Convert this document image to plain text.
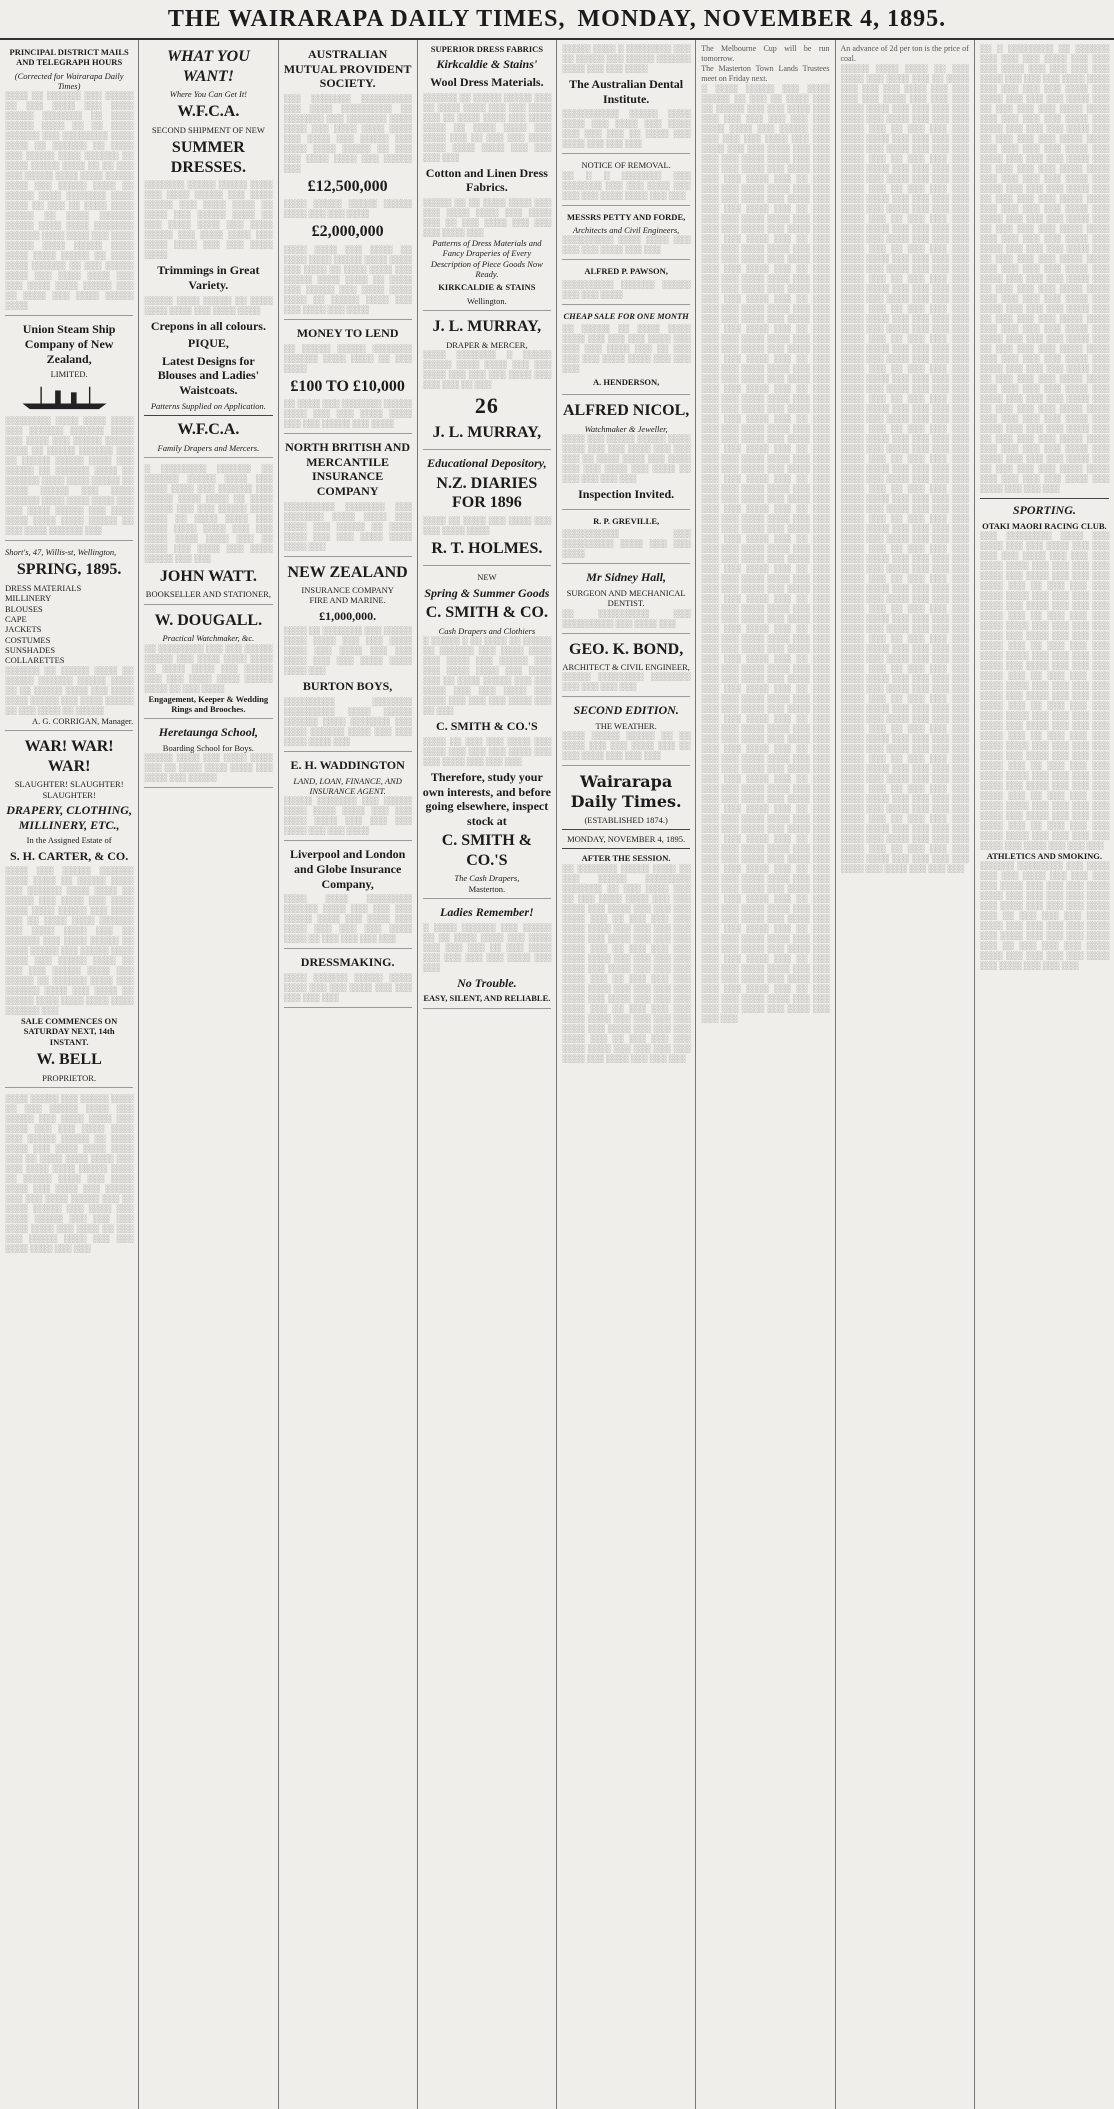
THE WAIRARAPA DAILY TIMES, MONDAY, NOVEMBER 4, 1895.
PRINCIPAL DISTRICT MAILS AND TELEGRAPH HOURS
(Corrected for Wairarapa Daily Times)
░░░░ ░░ ░░░░░░ ░░░ ░░░░░ ░░ ░░░ ░░░░ ░░░ ░░░░ ░░░░░ ░░░░░░░ ░░ ░░░░ ░░░░░ ░░░░ ░░ ░░ ░░░░ ░░░░░░ ░░░ ░░░░░░░░ ░░░░ ░░░░ ░░ ░░░░░░ ░░ ░░░░ ░░░ ░░░░░ ░░░░ ░░░░░░ ░░ ░░░░ ░░░░░ ░░░░ ░░ ░░ ░░░ ░░░ ░░░░░ ░░░░ ░░░░ ░░░░░ ░░░░ ░░░ ░░░░░ ░░░░ ░░ ░░░░░ ░░░░ ░░░░░░░ ░░░░ ░░░░ ░░ ░░░ ░░ ░░░░ ░░░░ ░░░░░ ░░ ░░░░ ░░░░░░ ░░░░░ ░░░░ ░░░░ ░░░░░░░ ░░░░░░ ░░░░ ░░░░ ░░░ ░░░░ ░░░░░ ░░░░ ░░░░░ ░░░░ ░░░░ ░░░░ ░░░░░ ░░ ░░░░ ░░░░ ░░░░░░ ░░ ░░░ ░░░░░ ░░░░ ░░░ ░░░░ ░░░░ ░░░ ░░░ ░░░░ ░░░░ ░░░░░ ░░░ ░░ ░░░░ ░░░ ░░░░ ░░░░░ ░░░░
Union Steam Ship Company of New Zealand,
LIMITED.
░░░░░░░░ ░░░░ ░░░░ ░░░░ ░░░ ░░░░░░ ░░░░░░ ░░░░ ░░░ ░░░░ ░░░ ░░░░░ ░░░░░ ░░░░ ░░ ░░░░░ ░░░░░░ ░░░ ░░ ░░░░░ ░░░░░ ░░░░ ░░░ ░░░░░ ░░ ░░░░░░ ░░░░ ░░ ░░░░░░ ░░░░ ░░░░ ░░░░░ ░░ ░░░░ ░░░░░ ░░░ ░░░░ ░░░░░░ ░░░░ ░░░░ ░░░░ ░░░ ░░░ ░░░░ ░░░░░ ░░░ ░░░░ ░░░░ ░░░░ ░░░░ ░░░░░ ░░ ░░░ ░░░░ ░░░░░░ ░░░
Short's, 47, Willis-st, Wellington,
SPRING, 1895.
DRESS MATERIALS
MILLINERY
BLOUSES
CAPE
JACKETS
COSTUMES
SUNSHADES
COLLARETTES
░░░░░░ ░░ ░░░░░ ░░░░ ░░ ░░░░░ ░░░░░░ ░░░░░ ░░░░ ░░ ░░ ░░░░░ ░░░░ ░░░ ░░░░ ░░░░ ░░░░░ ░░░ ░░░░ ░░░░░ ░░ ░░░ ░░░░ ░░ ░░░░░
A. G. CORRIGAN, Manager.
WAR! WAR! WAR!
SLAUGHTER! SLAUGHTER! SLAUGHTER!
DRAPERY, CLOTHING, MILLINERY, ETC.,
In the Assigned Estate of
S. H. CARTER, & CO.
░░░░ ░░░ ░░░░░ ░░░░░░ ░░░░ ░░░░ ░░ ░░░░░ ░░░░ ░░░ ░░░░░░ ░░░░ ░░░░ ░░ ░░░░░ ░░░ ░░░░ ░░░ ░░░░ ░░░░ ░░░░ ░░░░░ ░░░ ░░░░ ░░░ ░░ ░░░░ ░░░░ ░░░░░░ ░░░ ░░░░ ░░░░ ░░░ ░░ ░░░░░░ ░░░ ░░░░ ░░░░░ ░░ ░░░░ ░░░░░ ░░░ ░░░░░ ░░░░ ░░░░ ░░░ ░░░░░ ░░░░ ░░ ░░░ ░░░ ░░░░░ ░░░░ ░░░ ░░░░░ ░░ ░░░░░░ ░░░░ ░░░ ░░░░░░ ░░░░ ░░░ ░░░░ ░░ ░░░░░ ░░░░ ░░░░ ░░░░ ░░░░ ░░░░░░ ░░░
SALE COMMENCES ON SATURDAY NEXT, 14th INSTANT.
W. BELL
PROPRIETOR.
░░░░ ░░░░░ ░░░ ░░░░░ ░░░░ ░░ ░░░ ░░░░░ ░░░░ ░░░ ░░░░░ ░░░ ░░░░ ░░░░ ░░░ ░░░░ ░░░ ░░░ ░░░░ ░░░░ ░░░ ░░░░░ ░░░░░ ░░ ░░░░ ░░░░ ░░░ ░░░░ ░░░░ ░░░░ ░░░ ░░ ░░░░ ░░░░ ░░░░ ░░░ ░░░ ░░░░ ░░░░ ░░░░░ ░░░░ ░░ ░░░░░ ░░░░ ░░░ ░░░░ ░░░░ ░░░ ░░░░ ░░░ ░░░░░ ░░░ ░░░ ░░░░ ░░░░░ ░░░ ░░ ░░░░ ░░░░░ ░░░ ░░░░ ░░░ ░░░░ ░░░░░ ░░░ ░░░ ░░░ ░░░░ ░░░░ ░░░ ░░░░ ░░ ░░░ ░░░ ░░░░░ ░░░░ ░░░ ░░░ ░░░░ ░░░░ ░░░ ░░░
WHAT YOU WANT!
Where You Can Get It!
W.F.C.A.
SECOND SHIPMENT OF NEW
SUMMER DRESSES.
░░░░░░░ ░░░░░ ░░░░░ ░░░░ ░░░ ░░░░ ░░░░░ ░░░ ░░░░ ░░░░░ ░░░ ░░░░ ░░░░ ░░ ░░░░ ░░░ ░░░░░ ░░░░ ░░ ░░░ ░░░░ ░░░░ ░░░ ░░░░ ░░░░░ ░░░ ░░░░ ░░░░ ░░░ ░░░░ ░░░░ ░░░ ░░░ ░░░░ ░░░░
Trimmings in Great Variety.
░░░░░ ░░░░ ░░░░░ ░░ ░░░░ ░░░░ ░░░░ ░░░ ░░░░ ░░░░
Crepons in all colours.
PIQUE,
Latest Designs for Blouses and Ladies' Waistcoats.
Patterns Supplied on Application.
W.F.C.A.
Family Drapers and Mercers.
░ ░░░░░░░░ ░░░░░░ ░░ ░░░░░░ ░░░░░ ░░░░ ░░░ ░░░░ ░░░░ ░░░ ░░░░░░ ░░░ ░░░░░ ░░░░ ░░░░ ░░ ░░░░ ░░░░░ ░░░ ░░░ ░░░░░ ░░░░ ░░░░ ░░ ░░░░ ░░░░ ░░░ ░░░░ ░░░░ ░░░░ ░░░ ░░░ ░░░░ ░░░░ ░░░░ ░░░ ░░ ░░░░ ░░░ ░░░░ ░░░ ░░░░ ░░░░░ ░░░ ░░░
JOHN WATT.
BOOKSELLER AND STATIONER,
W. DOUGALL.
Practical Watchmaker, &c.
░░ ░░░░░░░░ ░░░ ░░░ ░░░░░ ░░░░░ ░░░ ░░░░ ░░░░ ░░░░ ░░ ░░░░ ░░░░ ░░░ ░░░░░ ░░░ ░░░ ░░░░ ░░░░ ░░░░░ ░░░░ ░░ ░░░ ░░░░
Engagement, Keeper & Wedding Rings and Brooches.
Heretaunga School,
Boarding School for Boys.
░░░░░ ░░░░ ░░░ ░░░░ ░░░░ ░░░ ░░ ░░░░ ░░░░ ░░░░ ░░░ ░░░░ ░░░ ░░░░░
AUSTRALIAN MUTUAL PROVIDENT SOCIETY.
░░░ ░░░░░░░ ░░░░░░░░░ ░░░ ░░░░ ░░░░░░░░░ ░░ ░░░░░░░ ░░░ ░░░░░░░ ░░░░ ░░░░ ░░░ ░░░░ ░░░░ ░░░░ ░░░ ░░░░ ░░░ ░░░░░ ░░░ ░░░░ ░░░░ ░░░░░ ░░ ░░░ ░░░ ░░░░ ░░░░ ░░░ ░░░░░ ░░░
£12,500,000
░░░░ ░░░░░ ░░░░░ ░░░░░ ░░░░ ░░░ ░░░ ░░░░
£2,000,000
░░░░ ░░░░ ░░░ ░░░░ ░░ ░░░░ ░░░░ ░░░░░ ░░░░ ░░░░ ░░░ ░░░░ ░░ ░░░░ ░░░░ ░░░ ░░░░░ ░░░░ ░░░░ ░░ ░░░░ ░░░ ░░░░░ ░░░ ░░░░ ░░░░ ░░░░ ░░ ░░░░░ ░░░░ ░░░ ░░░ ░░░░ ░░░ ░░░░
MONEY TO LEND
░░ ░░░░░ ░░░░░ ░░░░░░░ ░░░░░░ ░░░░ ░░░░ ░░ ░░░ ░░░░
£100 TO £10,000
░░ ░░░░ ░░░ ░░░░░░░ ░░░░░ ░░░░ ░░░ ░░░ ░░░░ ░░░░ ░░░ ░░░ ░░░░░ ░░░ ░░░░
NORTH BRITISH AND MERCANTILE INSURANCE COMPANY
░░░░░░░░░ ░░░░░░░ ░░░ ░░░░░░░ ░░░░ ░░░░ ░░░ ░░░░ ░░░ ░░░░░ ░░ ░░░░ ░░░░ ░░░ ░░░ ░░░░ ░░░░ ░░░░ ░░░
NEW ZEALAND
INSURANCE COMPANY
FIRE AND MARINE.
£1,000,000.
░░░░ ░░ ░░░░░░░ ░░░ ░░░░░ ░░░░ ░░░░ ░░░ ░░░ ░░░░ ░░░░ ░░░ ░░░░ ░░░ ░░░ ░░░░ ░░░ ░░░ ░░░░ ░░░░ ░░░░ ░░░
BURTON BOYS,
░░░░░░░░░ ░░░░░░░ ░░░░░░░░░ ░░░░ ░░░░░ ░░░░░░ ░░░░ ░░░░░░░ ░░░ ░░░░ ░░░░░░ ░░░░ ░░░ ░░░ ░░░░ ░░░░ ░░░
E. H. WADDINGTON
LAND, LOAN, FINANCE, AND INSURANCE AGENT.
░░░░░ ░░░░░░░ ░░░ ░░░░░ ░░░░ ░░░░ ░░░░ ░░░ ░░░ ░░░░ ░░░░ ░░░ ░░░ ░░░ ░░░░ ░░░ ░░░ ░░░░
Liverpool and London and Globe Insurance Company,
░░░░ ░░░░ ░░░░░░░░ ░░░░░░ ░░░░ ░░░ ░░░ ░░░ ░░░░░ ░░░░ ░░░ ░░░░ ░░░ ░░░░ ░░░ ░░░ ░░░ ░░░░ ░░░░ ░░ ░░░ ░░░ ░░░ ░░░
DRESSMAKING.
░░░░ ░░░░░░ ░░░░░ ░░░░ ░░░░ ░░░ ░░░ ░░░░ ░░░ ░░░ ░░░ ░░░ ░░░
SUPERIOR DRESS FABRICS
Kirkcaldie & Stains'
Wool Dress Materials.
░░░░░░ ░░ ░░░░░ ░░░░░ ░░░ ░░ ░░░░ ░░░░ ░░░ ░░░ ░░░░ ░░░ ░░ ░░░░ ░░░░ ░░░ ░░░░ ░░░░ ░░ ░░░░ ░░░░ ░░░ ░░░░ ░░░ ░░ ░░░ ░░░ ░░░░ ░░░░ ░░░░ ░░░░ ░░░ ░░░ ░░░ ░░░
Cotton and Linen Dress Fabrics.
░░░░░ ░░ ░░ ░░░░ ░░░░ ░░░ ░░░ ░░░░ ░░░░ ░░░ ░░░░ ░░░ ░░ ░░░ ░░░░ ░░░ ░░░ ░░░ ░░░░ ░░░
Patterns of Dress Materials and Fancy Draperies of Every Description of Piece Goods Now Ready.
KIRKCALDIE & STAINS
Wellington.
J. L. MURRAY,
DRAPER & MERCER,
░░░░ ░░░░░░░ ░ ░░░░░ ░░░░░ ░░░░ ░░░░ ░░░ ░░░ ░░░░ ░░░ ░░░ ░░░ ░░░░ ░░░ ░░░ ░░░ ░░ ░░░
26
J. L. MURRAY,
Educational Depository,
N.Z. DIARIES FOR 1896
░░░░ ░░ ░░░░ ░░░ ░░░░ ░░░ ░░░ ░░░░ ░░░░
R. T. HOLMES.
NEW
Spring & Summer Goods
C. SMITH & CO.
Cash Drapers and Clothiers
░ ░░░░░ ░ ░░ ░░░░ ░░ ░░░░░ ░░ ░░░░░░ ░░░ ░░░░ ░░░░ ░░░ ░░░░ ░░░ ░░░░░ ░░░ ░░░ ░░░░ ░░░░ ░░░ ░░░░ ░░░ ░░ ░░░░ ░░░░░ ░░░ ░░░ ░░░░ ░░░ ░░░ ░░░░ ░░░ ░░░░ ░░░ ░░░ ░░░ ░░░░ ░░░ ░░ ░░░
C. SMITH & CO.'S
░░░░ ░░ ░░░ ░░░ ░░░░ ░░░ ░░░░ ░░░ ░░░ ░░░ ░░░░ ░░░ ░░░ ░░░░ ░░░ ░░░ ░░░
Therefore, study your own interests, and before going elsewhere, inspect stock at
C. SMITH & CO.'S
The Cash Drapers,
Masterton.
Ladies Remember!
░ ░░░░ ░░░░░░ ░░░ ░░░░░ ░░ ░░ ░░░░ ░░░░ ░░░ ░░░░ ░░░ ░░░ ░░░ ░░ ░░░ ░░░░ ░░░ ░░░ ░░░ ░░░ ░░░░ ░░░ ░░░
No Trouble.
EASY, SILENT, AND RELIABLE.
░░░░░ ░░░░ ░ ░░░░░░░░ ░░░ ░░ ░░░░░ ░░░ ░░░░░ ░░░░░░ ░░░░ ░░░ ░░░ ░░░░
The Australian Dental Institute.
░░░░░░░░░░ ░░░░░ ░░░░ ░░░░ ░░░ ░░░░ ░░░ ░░░░ ░░░ ░░░ ░░░ ░░ ░░░░ ░░░ ░░░░ ░░░ ░░░ ░░░
NOTICE OF REMOVAL.
░░ ░ ░ ░░░░░░░ ░░░ ░░░░░░░ ░░░ ░░░ ░░░░ ░░░ ░░░ ░░░ ░░░░ ░░░░ ░░░ ░░░
MESSRS PETTY AND FORDE,
Architects and Civil Engineers,
░░░░░░░░░ ░░░░ ░░░░ ░░░ ░░░ ░░░ ░░░░ ░░░ ░░░
ALFRED P. PAWSON,
░░░░░░░░░ ░░░░░░ ░░░░░ ░░░ ░░░ ░░░░
CHEAP SALE FOR ONE MONTH
░░ ░░░░░ ░░ ░░░░ ░░░░ ░░░░ ░░░ ░░░ ░░░ ░░░░ ░░░ ░░░ ░░░ ░░░░ ░░░ ░░ ░░░ ░░░ ░░░ ░░░░ ░░░░ ░░░ ░░░ ░░░
A. HENDERSON,
ALFRED NICOL,
Watchmaker & Jeweller,
░░░░ ░░░ ░░░░░ ░░░░░ ░░░░ ░░░░ ░░░ ░░░ ░░░░ ░░░ ░░░ ░░░ ░░ ░░░░ ░░░░ ░░░ ░░░░ ░░░ ░░░ ░░░░ ░░░ ░░░░ ░░ ░░░ ░░░ ░░░ ░░░
Inspection Invited.
R. P. GREVILLE,
░░░░░░░░░░ ░░░ ░░░░░░░░░ ░░░░ ░░░ ░░░ ░░░░
Mr Sidney Hall,
SURGEON AND MECHANICAL DENTIST.
░░ ░░░░░░░░░ ░░░ ░░░░░░░░░ ░░░ ░░░░ ░░░
GEO. K. BOND,
ARCHITECT & CIVIL ENGINEER,
░░░░░ ░░░░░░░░ ░░░░░░░ ░░░ ░░░ ░░░ ░░░
SECOND EDITION.
THE WEATHER.
░░░░ ░░░░░ ░░░░░ ░░ ░░ ░░░░ ░░░ ░░░ ░░░░ ░░░ ░░ ░░░ ░░░░ ░░░ ░░░ ░░░
Wairarapa Daily Times.
(ESTABLISHED 1874.)
MONDAY, NOVEMBER 4, 1895.
AFTER THE SESSION.
░░ ░░░░░░░ ░░░░░ ░░░░ ░░ ░░░ ░░░░░ ░░░░░░░░ ░░░░░░░ ░░ ░░░ ░░░░ ░░░ ░░ ░░░ ░░░░ ░░░░ ░░░ ░░░ ░░░░ ░░░ ░░░░ ░░░ ░░░ ░░░ ░░░░ ░░░ ░░ ░░░ ░░░ ░░░ ░░░░ ░░░░ ░░░ ░░░ ░░░ ░░░ ░░░░ ░░░ ░░░░ ░░░ ░░░ ░░░ ░░░░ ░░░ ░░ ░░░ ░░░ ░░░ ░░░░ ░░░░ ░░░ ░░░ ░░░ ░░░ ░░░░ ░░░ ░░░░ ░░░ ░░░ ░░░ ░░░░ ░░░ ░░ ░░░ ░░░ ░░░ ░░░░ ░░░░ ░░░ ░░░ ░░░ ░░░ ░░░░ ░░░ ░░░░ ░░░ ░░░ ░░░ ░░░░ ░░░ ░░ ░░░ ░░░ ░░░ ░░░░ ░░░░ ░░░ ░░░ ░░░ ░░░ ░░░░ ░░░ ░░░░ ░░░ ░░░ ░░░ ░░░░ ░░░ ░░ ░░░ ░░░ ░░░ ░░░░ ░░░░ ░░░ ░░░ ░░░ ░░░ ░░░░ ░░░ ░░░░ ░░░ ░░░ ░░░
The Melbourne Cup will be run tomorrow.
The Masterton Town Lands Trustees meet on Friday next.
░ ░░░░ ░░░░░ ░░░ ░░░░ ░░░░░ ░░ ░░░ ░░ ░░░░ ░░░ ░░ ░░░░░ ░░░ ░░░ ░░░░ ░░░ ░░░ ░░░ ░░░ ░░░ ░░░ ░░░ ░░░░ ░░░░ ░░░ ░░░░░ ░░░ ░░░ ░░░ ░░░ ░░░░ ░░░ ░░░ ░░░░ ░░░ ░░░ ░░░░ ░░░ ░░░ ░░░ ░░░ ░░░░ ░░░░ ░░░ ░░░ ░░░ ░░░ ░░░░ ░░░ ░░░░ ░░░ ░░░ ░░░ ░░░░ ░░░ ░░ ░░░ ░░░ ░░░ ░░░░ ░░░░ ░░░ ░░░ ░░░ ░░░ ░░░░ ░░░ ░░░░ ░░░ ░░░ ░░░ ░░░░ ░░░ ░░ ░░░ ░░░ ░░░ ░░░░ ░░░░ ░░░ ░░░ ░░░ ░░░ ░░░░ ░░░ ░░░░ ░░░ ░░░ ░░░ ░░░░ ░░░ ░░ ░░░ ░░░ ░░░ ░░░░ ░░░░ ░░░ ░░░ ░░░ ░░░ ░░░░ ░░░ ░░░░ ░░░ ░░░ ░░░ ░░░░ ░░░ ░░ ░░░ ░░░ ░░░ ░░░░ ░░░░ ░░░ ░░░ ░░░ ░░░ ░░░░ ░░░ ░░░░ ░░░ ░░░ ░░░ ░░░░ ░░░ ░░ ░░░ ░░░ ░░░ ░░░░ ░░░░ ░░░ ░░░ ░░░ ░░░ ░░░░ ░░░ ░░░░ ░░░ ░░░ ░░░ ░░░░ ░░░ ░░ ░░░ ░░░ ░░░ ░░░░ ░░░░ ░░░ ░░░ ░░░ ░░░ ░░░░ ░░░ ░░░░ ░░░ ░░░ ░░░ ░░░░ ░░░ ░░ ░░░ ░░░ ░░░ ░░░░ ░░░░ ░░░ ░░░ ░░░ ░░░ ░░░░ ░░░ ░░░░ ░░░ ░░░ ░░░ ░░░░ ░░░ ░░ ░░░ ░░░ ░░░ ░░░░ ░░░░ ░░░ ░░░ ░░░ ░░░ ░░░░ ░░░ ░░░░ ░░░ ░░░ ░░░ ░░░░ ░░░ ░░ ░░░ ░░░ ░░░ ░░░░ ░░░░ ░░░ ░░░ ░░░ ░░░ ░░░░ ░░░ ░░░░ ░░░ ░░░ ░░░ ░░░░ ░░░ ░░ ░░░ ░░░ ░░░ ░░░░ ░░░░ ░░░ ░░░ ░░░ ░░░ ░░░░ ░░░ ░░░░ ░░░ ░░░ ░░░ ░░░░ ░░░ ░░ ░░░ ░░░ ░░░ ░░░░ ░░░░ ░░░ ░░░ ░░░ ░░░ ░░░░ ░░░ ░░░░ ░░░ ░░░ ░░░ ░░░░ ░░░ ░░ ░░░ ░░░ ░░░ ░░░░ ░░░░ ░░░ ░░░ ░░░ ░░░ ░░░░ ░░░ ░░░░ ░░░ ░░░ ░░░ ░░░░ ░░░ ░░ ░░░ ░░░ ░░░ ░░░░ ░░░░ ░░░ ░░░ ░░░ ░░░ ░░░░ ░░░ ░░░░ ░░░ ░░░ ░░░ ░░░░ ░░░ ░░ ░░░ ░░░ ░░░ ░░░░ ░░░░ ░░░ ░░░ ░░░ ░░░ ░░░░ ░░░ ░░░░ ░░░ ░░░ ░░░ ░░░░ ░░░ ░░ ░░░ ░░░ ░░░ ░░░░ ░░░░ ░░░ ░░░ ░░░ ░░░ ░░░░ ░░░ ░░░░ ░░░ ░░░ ░░░ ░░░░ ░░░ ░░ ░░░ ░░░ ░░░ ░░░░ ░░░░ ░░░ ░░░ ░░░ ░░░ ░░░░ ░░░ ░░░░ ░░░ ░░░ ░░░ ░░░░ ░░░ ░░ ░░░ ░░░ ░░░ ░░░░ ░░░░ ░░░ ░░░ ░░░ ░░░ ░░░░ ░░░ ░░░░ ░░░ ░░░ ░░░ ░░░░ ░░░ ░░ ░░░ ░░░ ░░░ ░░░░ ░░░░ ░░░ ░░░ ░░░ ░░░ ░░░░ ░░░ ░░░░ ░░░ ░░░ ░░░ ░░░░ ░░░ ░░ ░░░ ░░░ ░░░ ░░░░ ░░░░ ░░░ ░░░ ░░░ ░░░ ░░░░ ░░░ ░░░░ ░░░ ░░░ ░░░ ░░░░ ░░░ ░░ ░░░ ░░░ ░░░ ░░░░ ░░░░ ░░░ ░░░ ░░░ ░░░ ░░░░ ░░░ ░░░░ ░░░ ░░░ ░░░ ░░░░ ░░░ ░░ ░░░ ░░░ ░░░ ░░░░ ░░░░ ░░░ ░░░ ░░░ ░░░ ░░░░ ░░░ ░░░░ ░░░ ░░░ ░░░ ░░░░ ░░░ ░░ ░░░ ░░░ ░░░ ░░░░ ░░░░ ░░░ ░░░ ░░░ ░░░ ░░░░ ░░░ ░░░░ ░░░ ░░░ ░░░ ░░░░ ░░░ ░░ ░░░ ░░░ ░░░ ░░░░ ░░░░ ░░░ ░░░ ░░░ ░░░ ░░░░ ░░░ ░░░░ ░░░ ░░░ ░░░ ░░░░ ░░░ ░░ ░░░ ░░░ ░░░ ░░░░ ░░░░ ░░░ ░░░ ░░░ ░░░ ░░░░ ░░░ ░░░░ ░░░ ░░░ ░░░ ░░░░ ░░░ ░░ ░░░ ░░░ ░░░ ░░░░ ░░░░ ░░░ ░░░ ░░░ ░░░ ░░░░ ░░░ ░░░░ ░░░ ░░░ ░░░ ░░░░ ░░░ ░░ ░░░ ░░░ ░░░ ░░░░ ░░░░ ░░░ ░░░ ░░░ ░░░ ░░░░ ░░░ ░░░░ ░░░ ░░░ ░░░ ░░░░ ░░░ ░░ ░░░ ░░░ ░░░ ░░░░ ░░░░ ░░░ ░░░ ░░░ ░░░ ░░░░ ░░░ ░░░░ ░░░ ░░░ ░░░ ░░░░ ░░░ ░░ ░░░ ░░░ ░░░ ░░░░ ░░░░ ░░░ ░░░ ░░░ ░░░ ░░░░ ░░░ ░░░░ ░░░ ░░░ ░░░
An advance of 2d per ton is the price of coal.
░░░░░ ░░░░ ░░░░ ░░ ░░░ ░░░░ ░░░ ░░░░ ░░░ ░░ ░░░░ ░░░ ░░░ ░░░ ░░░░ ░░░ ░░░ ░░░ ░░░ ░░░░ ░░░ ░░░ ░░░ ░░░░ ░░░░ ░░░ ░░░ ░░░ ░░░ ░░░░ ░░░ ░░░░ ░░░ ░░░ ░░░ ░░░░ ░░░ ░░ ░░░ ░░░ ░░░ ░░░░ ░░░░ ░░░ ░░░ ░░░ ░░░ ░░░░ ░░░ ░░░░ ░░░ ░░░ ░░░ ░░░░ ░░░ ░░ ░░░ ░░░ ░░░ ░░░░ ░░░░ ░░░ ░░░ ░░░ ░░░ ░░░░ ░░░ ░░░░ ░░░ ░░░ ░░░ ░░░░ ░░░ ░░ ░░░ ░░░ ░░░ ░░░░ ░░░░ ░░░ ░░░ ░░░ ░░░ ░░░░ ░░░ ░░░░ ░░░ ░░░ ░░░ ░░░░ ░░░ ░░ ░░░ ░░░ ░░░ ░░░░ ░░░░ ░░░ ░░░ ░░░ ░░░ ░░░░ ░░░ ░░░░ ░░░ ░░░ ░░░ ░░░░ ░░░ ░░ ░░░ ░░░ ░░░ ░░░░ ░░░░ ░░░ ░░░ ░░░ ░░░ ░░░░ ░░░ ░░░░ ░░░ ░░░ ░░░ ░░░░ ░░░ ░░ ░░░ ░░░ ░░░ ░░░░ ░░░░ ░░░ ░░░ ░░░ ░░░ ░░░░ ░░░ ░░░░ ░░░ ░░░ ░░░ ░░░░ ░░░ ░░ ░░░ ░░░ ░░░ ░░░░ ░░░░ ░░░ ░░░ ░░░ ░░░ ░░░░ ░░░ ░░░░ ░░░ ░░░ ░░░ ░░░░ ░░░ ░░ ░░░ ░░░ ░░░ ░░░░ ░░░░ ░░░ ░░░ ░░░ ░░░ ░░░░ ░░░ ░░░░ ░░░ ░░░ ░░░ ░░░░ ░░░ ░░ ░░░ ░░░ ░░░ ░░░░ ░░░░ ░░░ ░░░ ░░░ ░░░ ░░░░ ░░░ ░░░░ ░░░ ░░░ ░░░ ░░░░ ░░░ ░░ ░░░ ░░░ ░░░ ░░░░ ░░░░ ░░░ ░░░ ░░░ ░░░ ░░░░ ░░░ ░░░░ ░░░ ░░░ ░░░ ░░░░ ░░░ ░░ ░░░ ░░░ ░░░ ░░░░ ░░░░ ░░░ ░░░ ░░░ ░░░ ░░░░ ░░░ ░░░░ ░░░ ░░░ ░░░ ░░░░ ░░░ ░░ ░░░ ░░░ ░░░ ░░░░ ░░░░ ░░░ ░░░ ░░░ ░░░ ░░░░ ░░░ ░░░░ ░░░ ░░░ ░░░ ░░░░ ░░░ ░░ ░░░ ░░░ ░░░ ░░░░ ░░░░ ░░░ ░░░ ░░░ ░░░ ░░░░ ░░░ ░░░░ ░░░ ░░░ ░░░ ░░░░ ░░░ ░░ ░░░ ░░░ ░░░ ░░░░ ░░░░ ░░░ ░░░ ░░░ ░░░ ░░░░ ░░░ ░░░░ ░░░ ░░░ ░░░ ░░░░ ░░░ ░░ ░░░ ░░░ ░░░ ░░░░ ░░░░ ░░░ ░░░ ░░░ ░░░ ░░░░ ░░░ ░░░░ ░░░ ░░░ ░░░ ░░░░ ░░░ ░░ ░░░ ░░░ ░░░ ░░░░ ░░░░ ░░░ ░░░ ░░░ ░░░ ░░░░ ░░░ ░░░░ ░░░ ░░░ ░░░ ░░░░ ░░░ ░░ ░░░ ░░░ ░░░ ░░░░ ░░░░ ░░░ ░░░ ░░░ ░░░ ░░░░ ░░░ ░░░░ ░░░ ░░░ ░░░ ░░░░ ░░░ ░░ ░░░ ░░░ ░░░ ░░░░ ░░░░ ░░░ ░░░ ░░░ ░░░ ░░░░ ░░░ ░░░░ ░░░ ░░░ ░░░ ░░░░ ░░░ ░░ ░░░ ░░░ ░░░ ░░░░ ░░░░ ░░░ ░░░ ░░░ ░░░ ░░░░ ░░░ ░░░░ ░░░ ░░░ ░░░ ░░░░ ░░░ ░░ ░░░ ░░░ ░░░ ░░░░ ░░░░ ░░░ ░░░ ░░░ ░░░ ░░░░ ░░░ ░░░░ ░░░ ░░░ ░░░ ░░░░ ░░░ ░░ ░░░ ░░░ ░░░ ░░░░ ░░░░ ░░░ ░░░ ░░░ ░░░ ░░░░ ░░░ ░░░░ ░░░ ░░░ ░░░ ░░░░ ░░░ ░░ ░░░ ░░░ ░░░ ░░░░ ░░░░ ░░░ ░░░ ░░░ ░░░ ░░░░ ░░░ ░░░░ ░░░ ░░░ ░░░ ░░░░ ░░░ ░░ ░░░ ░░░ ░░░ ░░░░ ░░░░ ░░░ ░░░ ░░░ ░░░ ░░░░ ░░░ ░░░░ ░░░ ░░░ ░░░ ░░░░ ░░░ ░░ ░░░ ░░░ ░░░ ░░░░ ░░░░ ░░░ ░░░ ░░░ ░░░ ░░░░ ░░░ ░░░░ ░░░ ░░░ ░░░ ░░░░ ░░░ ░░ ░░░ ░░░ ░░░ ░░░░ ░░░░ ░░░ ░░░ ░░░ ░░░ ░░░░ ░░░ ░░░░ ░░░ ░░░ ░░░
░░ ░ ░░░░░░░░ ░░ ░░░░░░ ░░░ ░░░ ░░░ ░░░░ ░░░ ░░░ ░░░ ░░░░ ░░░ ░░░ ░░░ ░░░ ░░░░ ░░░ ░░░ ░░░ ░░░░ ░░░░ ░░░ ░░░ ░░░ ░░░ ░░░░ ░░░ ░░░░ ░░░ ░░░ ░░░ ░░░░ ░░░ ░░ ░░░ ░░░ ░░░ ░░░░ ░░░░ ░░░ ░░░ ░░░ ░░░ ░░░░ ░░░ ░░░░ ░░░ ░░░ ░░░ ░░░░ ░░░ ░░ ░░░ ░░░ ░░░ ░░░░ ░░░░ ░░░ ░░░ ░░░ ░░░ ░░░░ ░░░ ░░░░ ░░░ ░░░ ░░░ ░░░░ ░░░ ░░ ░░░ ░░░ ░░░ ░░░░ ░░░░ ░░░ ░░░ ░░░ ░░░ ░░░░ ░░░ ░░░░ ░░░ ░░░ ░░░ ░░░░ ░░░ ░░ ░░░ ░░░ ░░░ ░░░░ ░░░░ ░░░ ░░░ ░░░ ░░░ ░░░░ ░░░ ░░░░ ░░░ ░░░ ░░░ ░░░░ ░░░ ░░ ░░░ ░░░ ░░░ ░░░░ ░░░░ ░░░ ░░░ ░░░ ░░░ ░░░░ ░░░ ░░░░ ░░░ ░░░ ░░░ ░░░░ ░░░ ░░ ░░░ ░░░ ░░░ ░░░░ ░░░░ ░░░ ░░░ ░░░ ░░░ ░░░░ ░░░ ░░░░ ░░░ ░░░ ░░░ ░░░░ ░░░ ░░ ░░░ ░░░ ░░░ ░░░░ ░░░░ ░░░ ░░░ ░░░ ░░░ ░░░░ ░░░ ░░░░ ░░░ ░░░ ░░░ ░░░░ ░░░ ░░ ░░░ ░░░ ░░░ ░░░░ ░░░░ ░░░ ░░░ ░░░ ░░░ ░░░░ ░░░ ░░░░ ░░░ ░░░ ░░░ ░░░░ ░░░ ░░ ░░░ ░░░ ░░░ ░░░░ ░░░░ ░░░ ░░░ ░░░ ░░░ ░░░░ ░░░ ░░░░ ░░░ ░░░ ░░░ ░░░░ ░░░ ░░ ░░░ ░░░ ░░░ ░░░░ ░░░░ ░░░ ░░░ ░░░ ░░░ ░░░░ ░░░ ░░░░ ░░░ ░░░ ░░░ ░░░░ ░░░ ░░ ░░░ ░░░ ░░░ ░░░░ ░░░░ ░░░ ░░░ ░░░ ░░░ ░░░░ ░░░ ░░░░ ░░░ ░░░ ░░░ ░░░░ ░░░ ░░ ░░░ ░░░ ░░░ ░░░░ ░░░░ ░░░ ░░░ ░░░ ░░░ ░░░░ ░░░ ░░░░ ░░░ ░░░ ░░░ ░░░░ ░░░ ░░ ░░░ ░░░ ░░░ ░░░░ ░░░░ ░░░ ░░░ ░░░ ░░░ ░░░░ ░░░ ░░░░ ░░░ ░░░ ░░░
SPORTING.
OTAKI MAORI RACING CLUB.
░░░ ░░░░░░░░ ░░░░ ░░░ ░░░░ ░░░ ░░░ ░░░░ ░░░ ░░░ ░░░ ░░░ ░░░░ ░░░ ░░░ ░░░ ░░░░ ░░░░ ░░░ ░░░ ░░░ ░░░ ░░░░ ░░░ ░░░░ ░░░ ░░░ ░░░ ░░░░ ░░░ ░░ ░░░ ░░░ ░░░ ░░░░ ░░░░ ░░░ ░░░ ░░░ ░░░ ░░░░ ░░░ ░░░░ ░░░ ░░░ ░░░ ░░░░ ░░░ ░░ ░░░ ░░░ ░░░ ░░░░ ░░░░ ░░░ ░░░ ░░░ ░░░ ░░░░ ░░░ ░░░░ ░░░ ░░░ ░░░ ░░░░ ░░░ ░░ ░░░ ░░░ ░░░ ░░░░ ░░░░ ░░░ ░░░ ░░░ ░░░ ░░░░ ░░░ ░░░░ ░░░ ░░░ ░░░ ░░░░ ░░░ ░░ ░░░ ░░░ ░░░ ░░░░ ░░░░ ░░░ ░░░ ░░░ ░░░ ░░░░ ░░░ ░░░░ ░░░ ░░░ ░░░ ░░░░ ░░░ ░░ ░░░ ░░░ ░░░ ░░░░ ░░░░ ░░░ ░░░ ░░░ ░░░ ░░░░ ░░░ ░░░░ ░░░ ░░░ ░░░ ░░░░ ░░░ ░░ ░░░ ░░░ ░░░ ░░░░ ░░░░ ░░░ ░░░ ░░░ ░░░ ░░░░ ░░░ ░░░░ ░░░ ░░░ ░░░ ░░░░ ░░░ ░░ ░░░ ░░░ ░░░ ░░░░ ░░░░ ░░░ ░░░ ░░░ ░░░ ░░░░ ░░░ ░░░░ ░░░ ░░░ ░░░ ░░░░ ░░░ ░░ ░░░ ░░░ ░░░ ░░░░ ░░░░ ░░░ ░░░ ░░░ ░░░ ░░░░ ░░░ ░░░░ ░░░ ░░░ ░░░ ░░░░ ░░░ ░░ ░░░ ░░░ ░░░ ░░░░ ░░░░ ░░░ ░░░ ░░░ ░░░ ░░░░ ░░░ ░░░░ ░░░ ░░░ ░░░
ATHLETICS AND SMOKING.
░░░░░░ ░░░░░░░░ ░░░ ░░░░ ░░░ ░░░ ░░░░ ░░░ ░░░ ░░░ ░░░ ░░░░ ░░░ ░░░ ░░░ ░░░░ ░░░░ ░░░ ░░░ ░░░ ░░░ ░░░░ ░░░ ░░░░ ░░░ ░░░ ░░░ ░░░░ ░░░ ░░ ░░░ ░░░ ░░░ ░░░░ ░░░░ ░░░ ░░░ ░░░ ░░░ ░░░░ ░░░ ░░░░ ░░░ ░░░ ░░░ ░░░░ ░░░ ░░ ░░░ ░░░ ░░░ ░░░░ ░░░░ ░░░ ░░░ ░░░ ░░░ ░░░░ ░░░ ░░░░ ░░░ ░░░ ░░░
